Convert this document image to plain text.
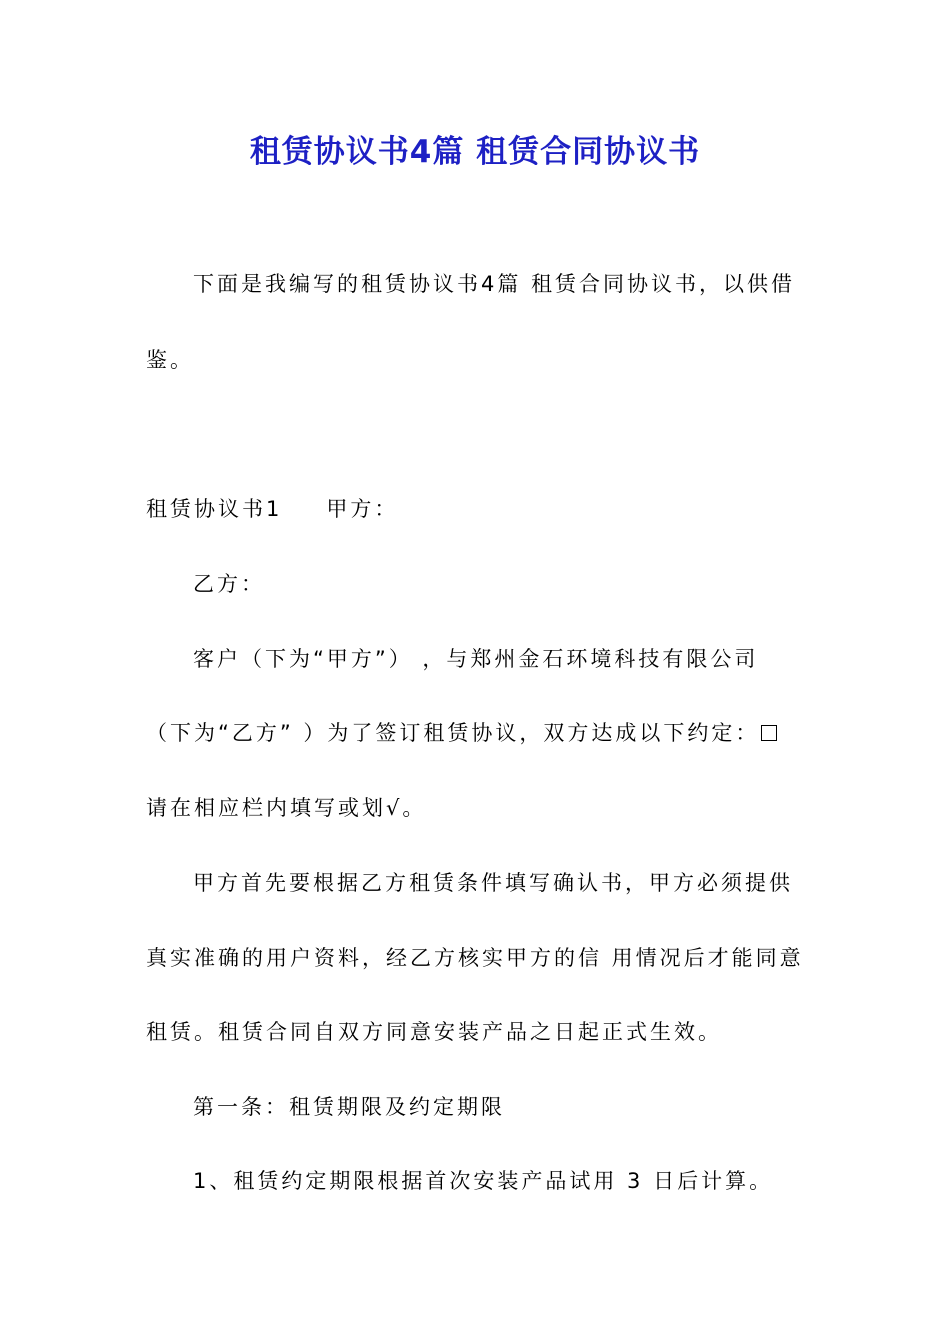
租赁协议书4篇 租赁合同协议书
下面是我编写的租赁协议书4篇 租赁合同协议书，以供借
鉴。
租赁协议书1 甲方：
乙方：
客户（下为“甲方”） ，与郑州金石环境科技有限公司
（下为“乙方” ）为了签订租赁协议，双方达成以下约定：
请在相应栏内填写或划√。
甲方首先要根据乙方租赁条件填写确认书，甲方必须提供
真实准确的用户资料，经乙方核实甲方的信 用情况后才能同意
租赁。租赁合同自双方同意安装产品之日起正式生效。
第一条：租赁期限及约定期限
1、租赁约定期限根据首次安装产品试用 3 日后计算。
